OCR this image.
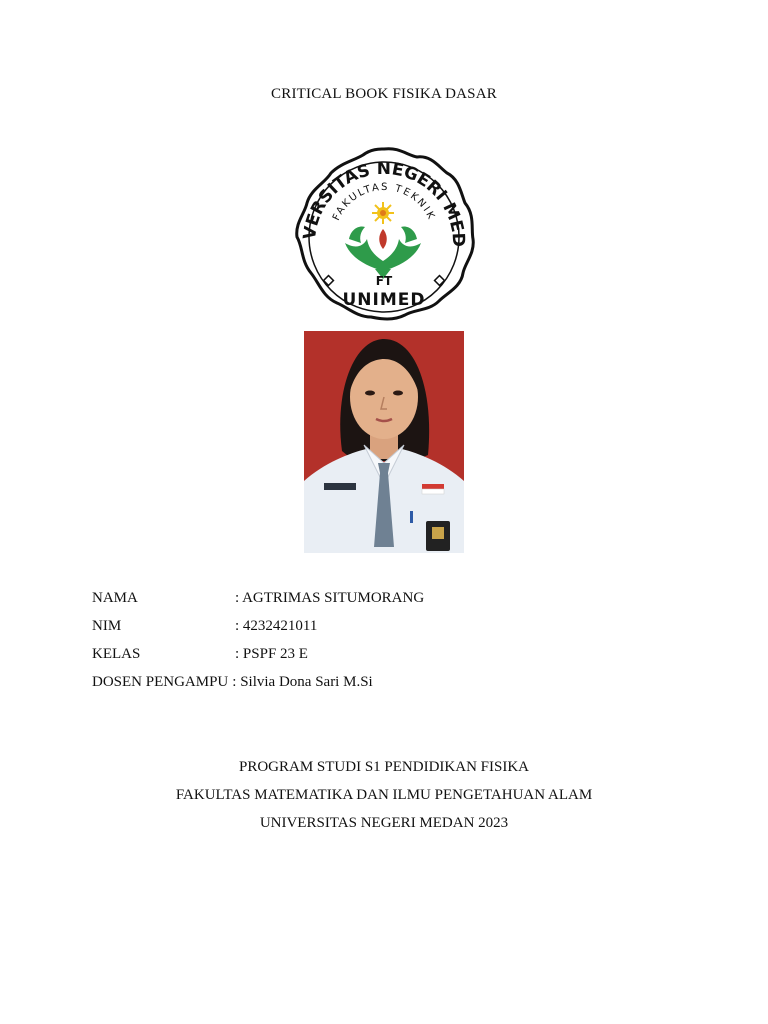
CRITICAL BOOK FISIKA DASAR
VERSITAS NEGERI MED
FAKULTAS TEKNIK
FT
UNIMED
NAMA	: AGTRIMAS SITUMORANG
NIM	: 4232421011
KELAS	: PSPF 23 E
DOSEN PENGAMPU : Silvia Dona Sari M.Si
PROGRAM STUDI S1 PENDIDIKAN FISIKA
FAKULTAS MATEMATIKA DAN ILMU PENGETAHUAN ALAM
UNIVERSITAS NEGERI MEDAN 2023
